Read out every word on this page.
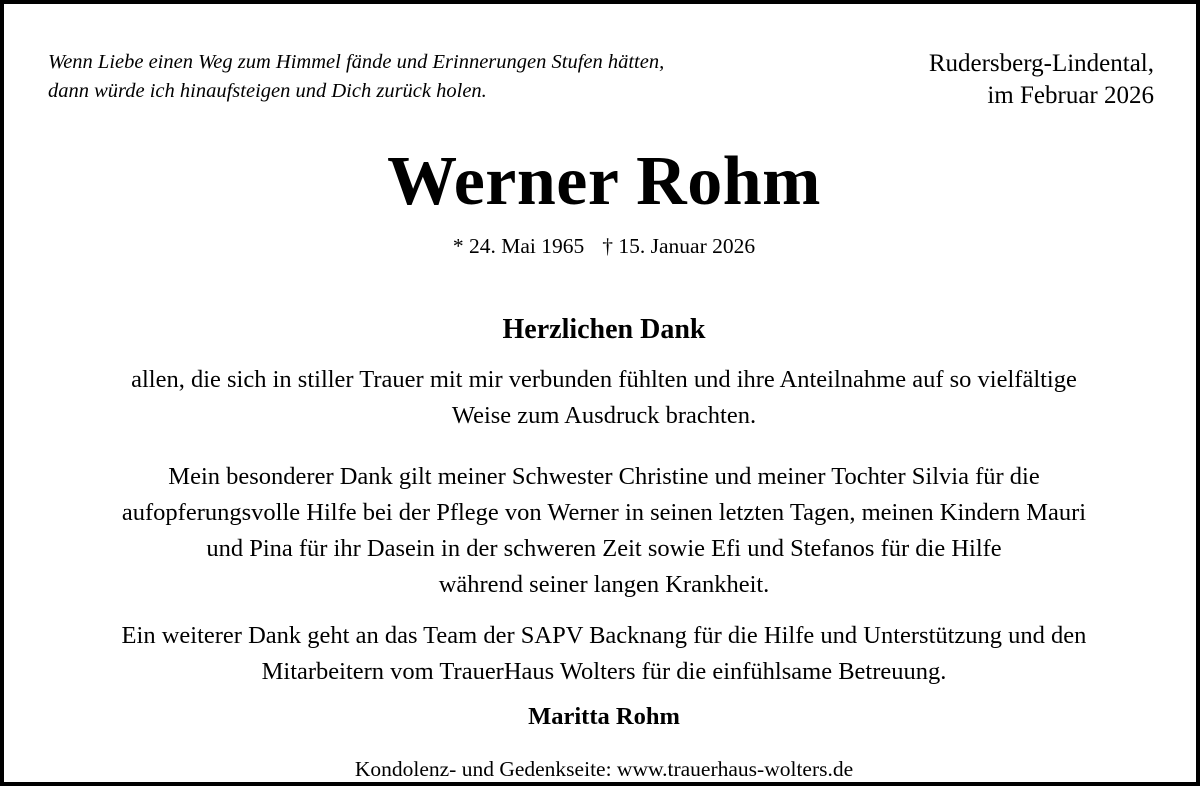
Wenn Liebe einen Weg zum Himmel fände und Erinnerungen Stufen hätten,
dann würde ich hinaufsteigen und Dich zurück holen.
Rudersberg-Lindental,
im Februar 2026
Werner Rohm
* 24. Mai 1965 † 15. Januar 2026
Herzlichen Dank
allen, die sich in stiller Trauer mit mir verbunden fühlten und ihre Anteilnahme auf so vielfältige
Weise zum Ausdruck brachten.
Mein besonderer Dank gilt meiner Schwester Christine und meiner Tochter Silvia für die
aufopferungsvolle Hilfe bei der Pflege von Werner in seinen letzten Tagen, meinen Kindern Mauri
und Pina für ihr Dasein in der schweren Zeit sowie Efi und Stefanos für die Hilfe
während seiner langen Krankheit.
Ein weiterer Dank geht an das Team der SAPV Backnang für die Hilfe und Unterstützung und den
Mitarbeitern vom TrauerHaus Wolters für die einfühlsame Betreuung.
Maritta Rohm
Kondolenz- und Gedenkseite: www.trauerhaus-wolters.de
